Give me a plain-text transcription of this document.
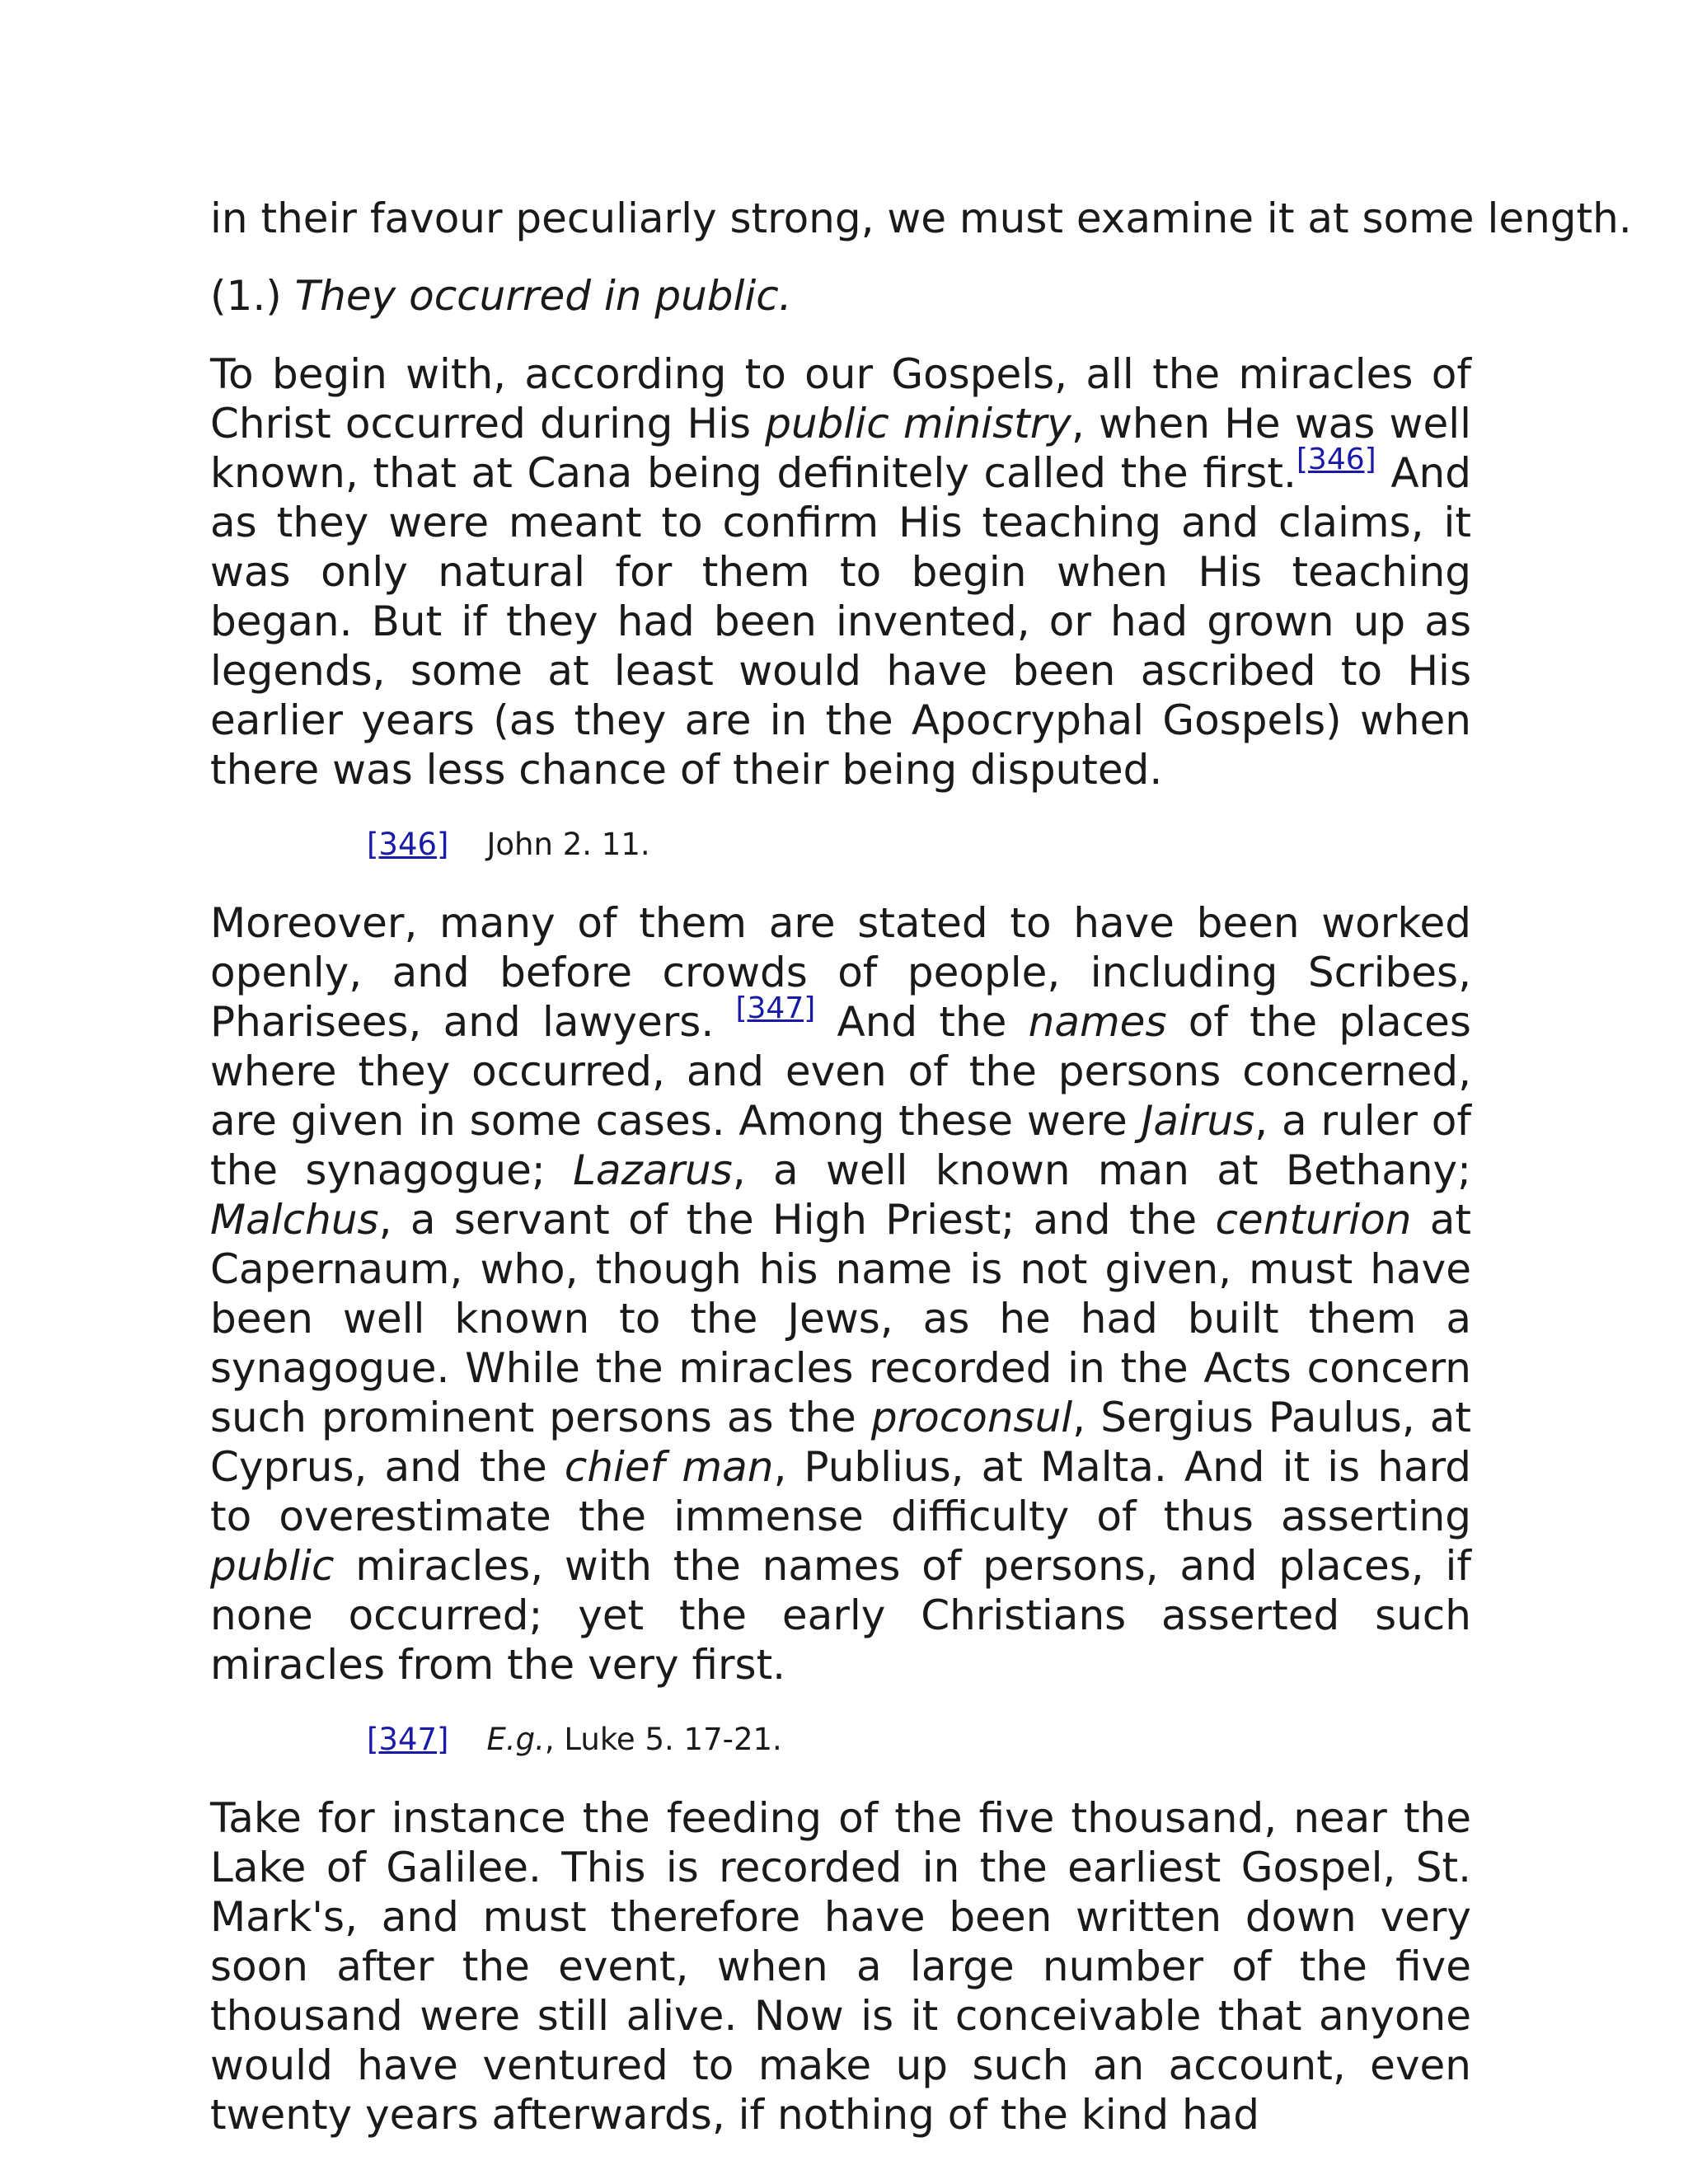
in their favour peculiarly strong, we must examine it at some length.
(1.) They occurred in public.

To begin with, according to our Gospels, all the miracles of Christ occurred during His public ministry, when He was well known, that at Cana being definitely called the first.[346] And as they were meant to confirm His teaching and claims, it was only natural for them to begin when His teaching began. But if they had been invented, or had grown up as legends, some at least would have been ascribed to His earlier years (as they are in the Apocryphal Gospels) when there was less chance of their being disputed.

[346] John 2. 11.

Moreover, many of them are stated to have been worked openly, and before crowds of people, including Scribes, Pharisees, and lawyers. [347] And the names of the places where they occurred, and even of the persons concerned, are given in some cases. Among these were Jairus, a ruler of the synagogue; Lazarus, a well known man at Bethany; Malchus, a servant of the High Priest; and the centurion at Capernaum, who, though his name is not given, must have been well known to the Jews, as he had built them a synagogue. While the miracles recorded in the Acts concern such prominent persons as the proconsul, Sergius Paulus, at Cyprus, and the chief man, Publius, at Malta. And it is hard to overestimate the immense difficulty of thus asserting public miracles, with the names of persons, and places, if none occurred; yet the early Christians asserted such miracles from the very first.

[347] E.g., Luke 5. 17-21.

Take for instance the feeding of the five thousand, near the Lake of Galilee. This is recorded in the earliest Gospel, St. Mark's, and must therefore have been written down very soon after the event, when a large number of the five thousand were still alive. Now is it conceivable that anyone would have ventured to make up such an account, even twenty years afterwards, if nothing of the kind had
